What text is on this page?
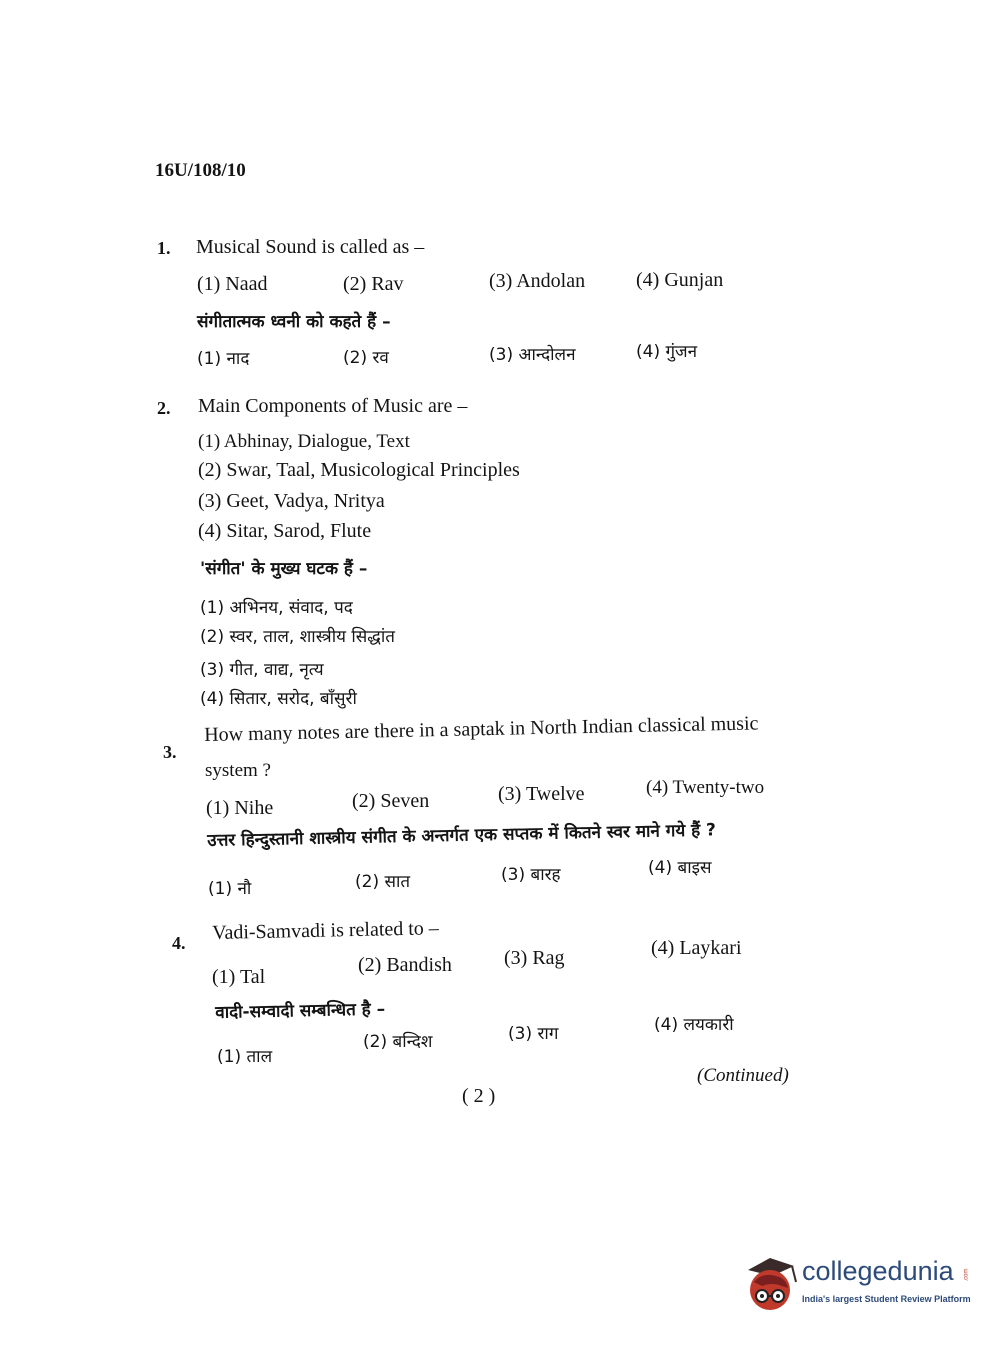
16U/108/10
1. Musical Sound is called as –
(1) Naad	(2) Rav	(3) Andolan	(4) Gunjan
संगीतात्मक ध्वनी को कहते हैं –
(1) नाद	(2) रव	(3) आन्दोलन	(4) गुंजन
2. Main Components of Music are –
(1) Abhinay, Dialogue, Text
(2) Swar, Taal, Musicological Principles
(3) Geet, Vadya, Nritya
(4) Sitar, Sarod, Flute
'संगीत' के मुख्य घटक हैं –
(1) अभिनय, संवाद, पद
(2) स्वर, ताल, शास्त्रीय सिद्धांत
(3) गीत, वाद्य, नृत्य
(4) सितार, सरोद, बाँसुरी
3.
How many notes are there in a saptak in North Indian classical music
system ?
(1) Nihe	(2) Seven	(3) Twelve	(4) Twenty-two
उत्तर हिन्दुस्तानी शास्त्रीय संगीत के अन्तर्गत एक सप्तक में कितने स्वर माने गये हैं ?
(1) नौ	(2) सात	(3) बारह	(4) बाइस
4. Vadi-Samvadi is related to –
(1) Tal
(2) Bandish	(3) Rag	(4) Laykari
वादी-सम्वादी सम्बन्धित है –
(1) ताल
(2) बन्दिश	(3) राग	(4) लयकारी
(Continued)
( 2 )
collegedunia .com
India's largest Student Review Platform
